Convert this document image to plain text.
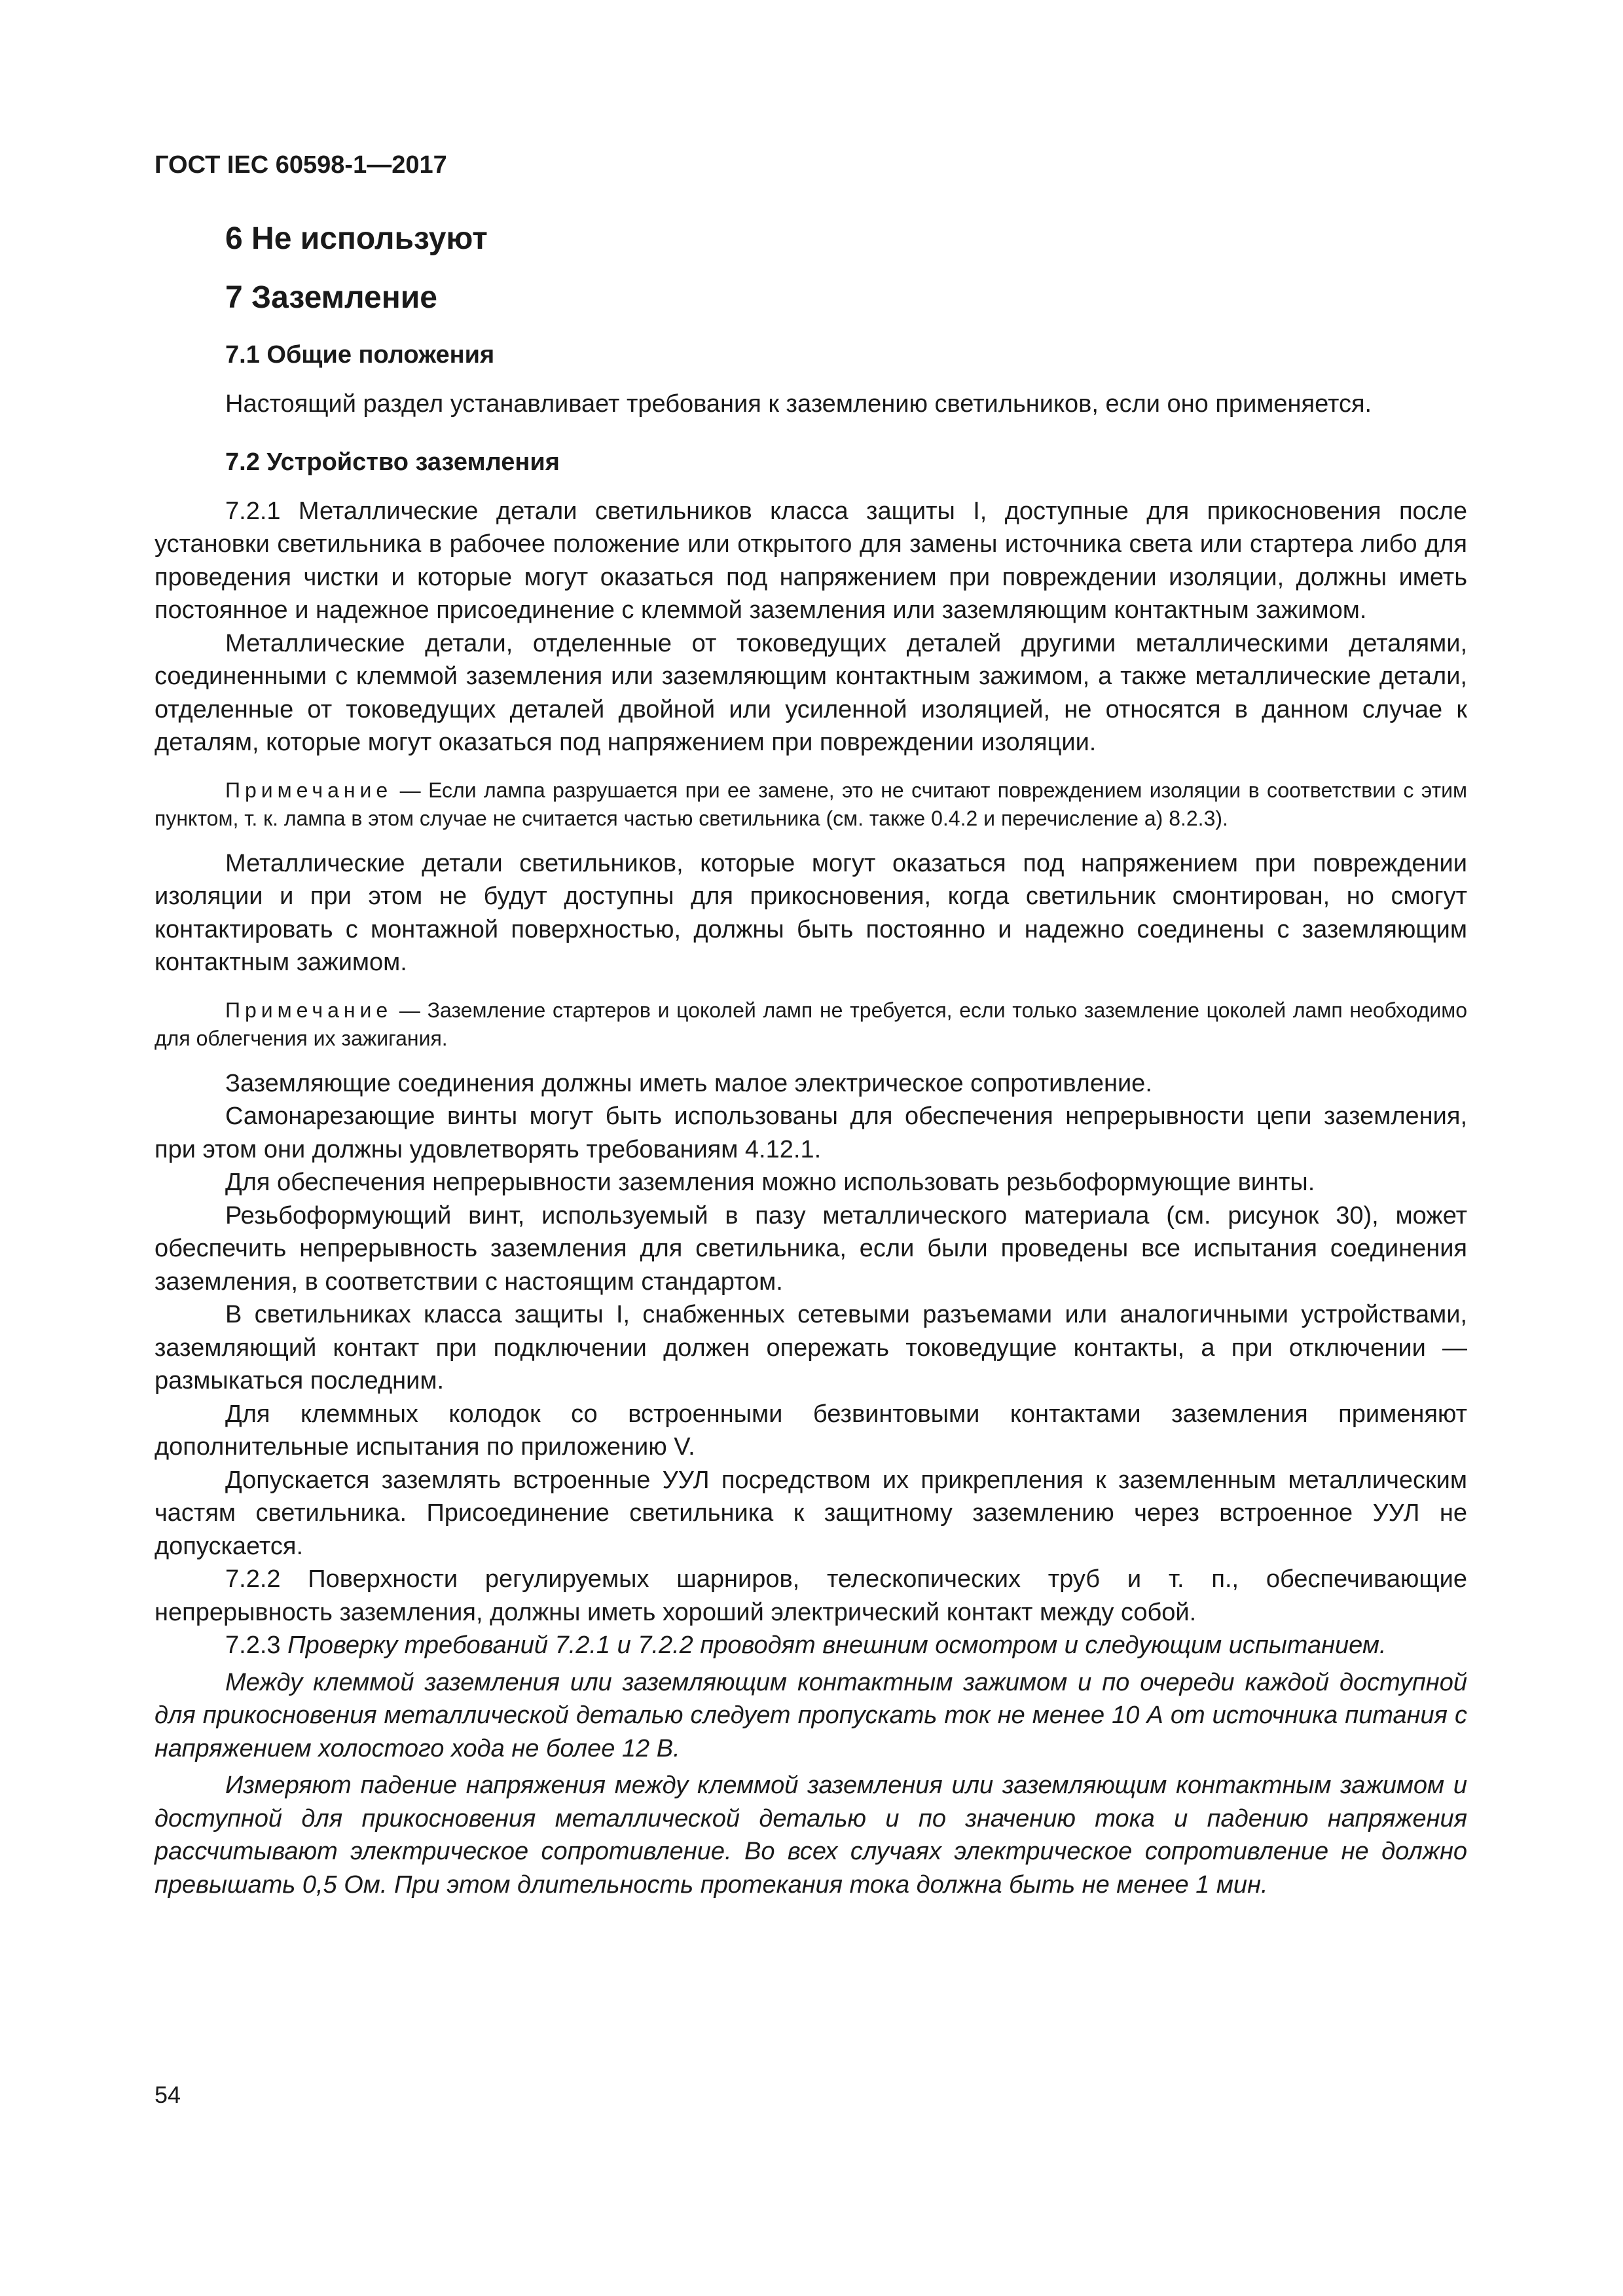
ГОСТ IEC 60598-1—2017
6 Не используют
7 Заземление
7.1 Общие положения
Настоящий раздел устанавливает требования к заземлению светильников, если оно применяется.
7.2 Устройство заземления

7.2.1 Металлические детали светильников класса защиты I, доступные для прикосновения после установки светильника в рабочее положение или открытого для замены источника света или стартера либо для проведения чистки и которые могут оказаться под напряжением при повреждении изоляции, должны иметь постоянное и надежное присоединение с клеммой заземления или заземляющим контактным зажимом.

Металлические детали, отделенные от токоведущих деталей другими металлическими деталями, соединенными с клеммой заземления или заземляющим контактным зажимом, а также металлические детали, отделенные от токоведущих деталей двойной или усиленной изоляцией, не относятся в данном случае к деталям, которые могут оказаться под напряжением при повреждении изоляции.

Примечание — Если лампа разрушается при ее замене, это не считают повреждением изоляции в соответствии с этим пунктом, т. к. лампа в этом случае не считается частью светильника (см. также 0.4.2 и перечисление a) 8.2.3).

Металлические детали светильников, которые могут оказаться под напряжением при повреждении изоляции и при этом не будут доступны для прикосновения, когда светильник смонтирован, но смогут контактировать с монтажной поверхностью, должны быть постоянно и надежно соединены с заземляющим контактным зажимом.

Примечание — Заземление стартеров и цоколей ламп не требуется, если только заземление цоколей ламп необходимо для облегчения их зажигания.

Заземляющие соединения должны иметь малое электрическое сопротивление.

Самонарезающие винты могут быть использованы для обеспечения непрерывности цепи заземления, при этом они должны удовлетворять требованиям 4.12.1.

Для обеспечения непрерывности заземления можно использовать резьбоформующие винты.

Резьбоформующий винт, используемый в пазу металлического материала (см. рисунок 30), может обеспечить непрерывность заземления для светильника, если были проведены все испытания соединения заземления, в соответствии с настоящим стандартом.

В светильниках класса защиты I, снабженных сетевыми разъемами или аналогичными устройствами, заземляющий контакт при подключении должен опережать токоведущие контакты, а при отключении — размыкаться последним.

Для клеммных колодок со встроенными безвинтовыми контактами заземления применяют дополнительные испытания по приложению V.

Допускается заземлять встроенные УУЛ посредством их прикрепления к заземленным металлическим частям светильника. Присоединение светильника к защитному заземлению через встроенное УУЛ не допускается.

7.2.2 Поверхности регулируемых шарниров, телескопических труб и т. п., обеспечивающие непрерывность заземления, должны иметь хороший электрический контакт между собой.

7.2.3 Проверку требований 7.2.1 и 7.2.2 проводят внешним осмотром и следующим испытанием.

Между клеммой заземления или заземляющим контактным зажимом и по очереди каждой доступной для прикосновения металлической деталью следует пропускать ток не менее 10 А от источника питания с напряжением холостого хода не более 12 В.

Измеряют падение напряжения между клеммой заземления или заземляющим контактным зажимом и доступной для прикосновения металлической деталью и по значению тока и падению напряжения рассчитывают электрическое сопротивление. Во всех случаях электрическое сопротивление не должно превышать 0,5 Ом. При этом длительность протекания тока должна быть не менее 1 мин.

54
